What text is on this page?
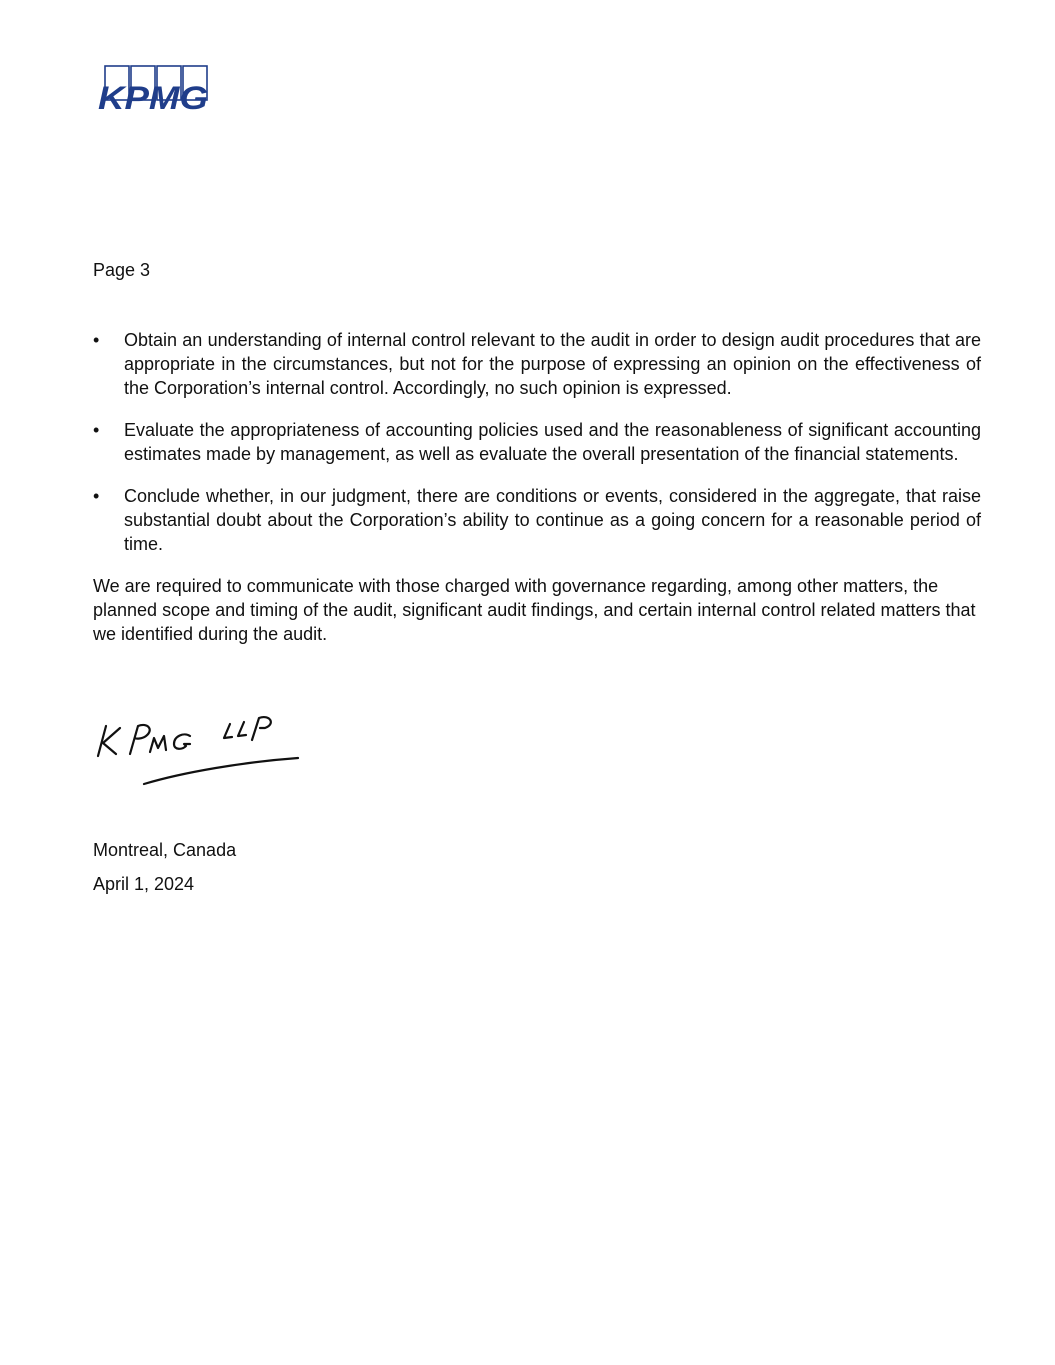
KPMG
Page 3
• Obtain an understanding of internal control relevant to the audit in order to design audit procedures that are appropriate in the circumstances, but not for the purpose of expressing an opinion on the effectiveness of the Corporation’s internal control. Accordingly, no such opinion is expressed.
• Evaluate the appropriateness of accounting policies used and the reasonableness of significant accounting estimates made by management, as well as evaluate the overall presentation of the financial statements.
• Conclude whether, in our judgment, there are conditions or events, considered in the aggregate, that raise substantial doubt about the Corporation’s ability to continue as a going concern for a reasonable period of time.

We are required to communicate with those charged with governance regarding, among other matters, the planned scope and timing of the audit, significant audit findings, and certain internal control related matters that we identified during the audit.

Montreal, Canada
April 1, 2024
